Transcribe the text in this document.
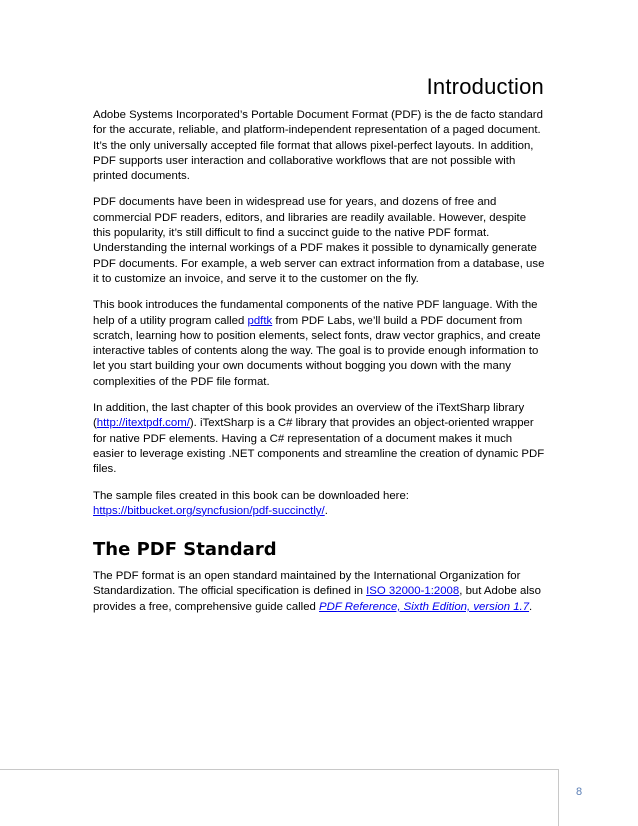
Introduction

Adobe Systems Incorporated’s Portable Document Format (PDF) is the de facto standard for the accurate, reliable, and platform-independent representation of a paged document. It’s the only universally accepted file format that allows pixel-perfect layouts. In addition, PDF supports user interaction and collaborative workflows that are not possible with printed documents.

PDF documents have been in widespread use for years, and dozens of free and commercial PDF readers, editors, and libraries are readily available. However, despite this popularity, it’s still difficult to find a succinct guide to the native PDF format. Understanding the internal workings of a PDF makes it possible to dynamically generate PDF documents. For example, a web server can extract information from a database, use it to customize an invoice, and serve it to the customer on the fly.

This book introduces the fundamental components of the native PDF language. With the help of a utility program called pdftk from PDF Labs, we’ll build a PDF document from scratch, learning how to position elements, select fonts, draw vector graphics, and create interactive tables of contents along the way. The goal is to provide enough information to let you start building your own documents without bogging you down with the many complexities of the PDF file format.

In addition, the last chapter of this book provides an overview of the iTextSharp library (http://itextpdf.com/). iTextSharp is a C# library that provides an object-oriented wrapper for native PDF elements. Having a C# representation of a document makes it much easier to leverage existing .NET components and streamline the creation of dynamic PDF files.

The sample files created in this book can be downloaded here:
https://bitbucket.org/syncfusion/pdf-succinctly/.

The PDF Standard

The PDF format is an open standard maintained by the International Organization for Standardization. The official specification is defined in ISO 32000-1:2008, but Adobe also provides a free, comprehensive guide called PDF Reference, Sixth Edition, version 1.7.

8
